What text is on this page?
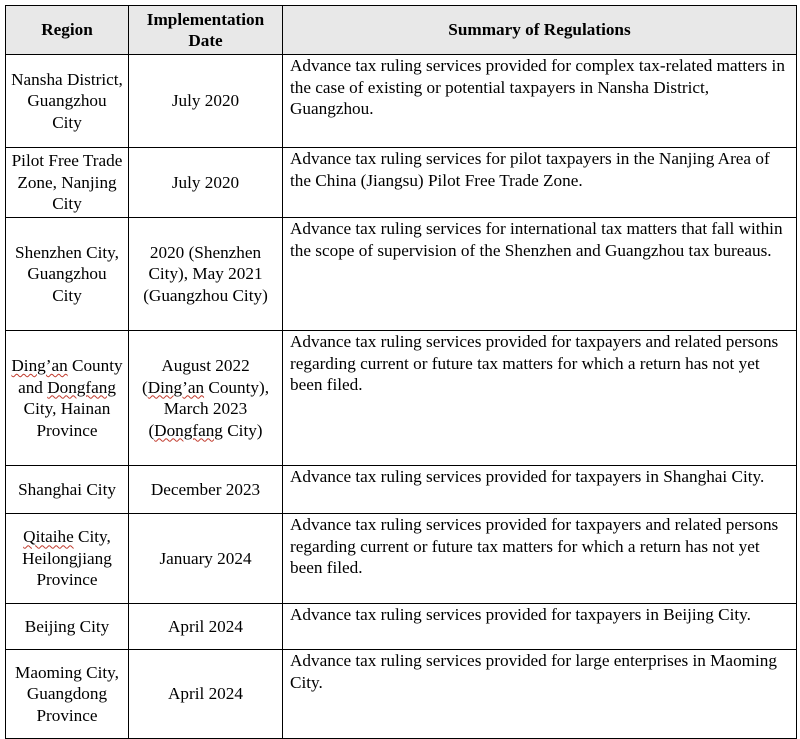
Region	Implementation Date	Summary of Regulations
Nansha District, Guangzhou City	July 2020	Advance tax ruling services provided for complex tax-related matters in the case of existing or potential taxpayers in Nansha District, Guangzhou.
Pilot Free Trade Zone, Nanjing City	July 2020	Advance tax ruling services for pilot taxpayers in the Nanjing Area of the China (Jiangsu) Pilot Free Trade Zone.
Shenzhen City, Guangzhou City	2020 (Shenzhen City), May 2021 (Guangzhou City)	Advance tax ruling services for international tax matters that fall within the scope of supervision of the Shenzhen and Guangzhou tax bureaus.
Ding’an County and Dongfang City, Hainan Province	August 2022 (Ding’an County), March 2023 (Dongfang City)	Advance tax ruling services provided for taxpayers and related persons regarding current or future tax matters for which a return has not yet been filed.
Shanghai City	December 2023	Advance tax ruling services provided for taxpayers in Shanghai City.
Qitaihe City, Heilongjiang Province	January 2024	Advance tax ruling services provided for taxpayers and related persons regarding current or future tax matters for which a return has not yet been filed.
Beijing City	April 2024	Advance tax ruling services provided for taxpayers in Beijing City.
Maoming City, Guangdong Province	April 2024	Advance tax ruling services provided for large enterprises in Maoming City.
